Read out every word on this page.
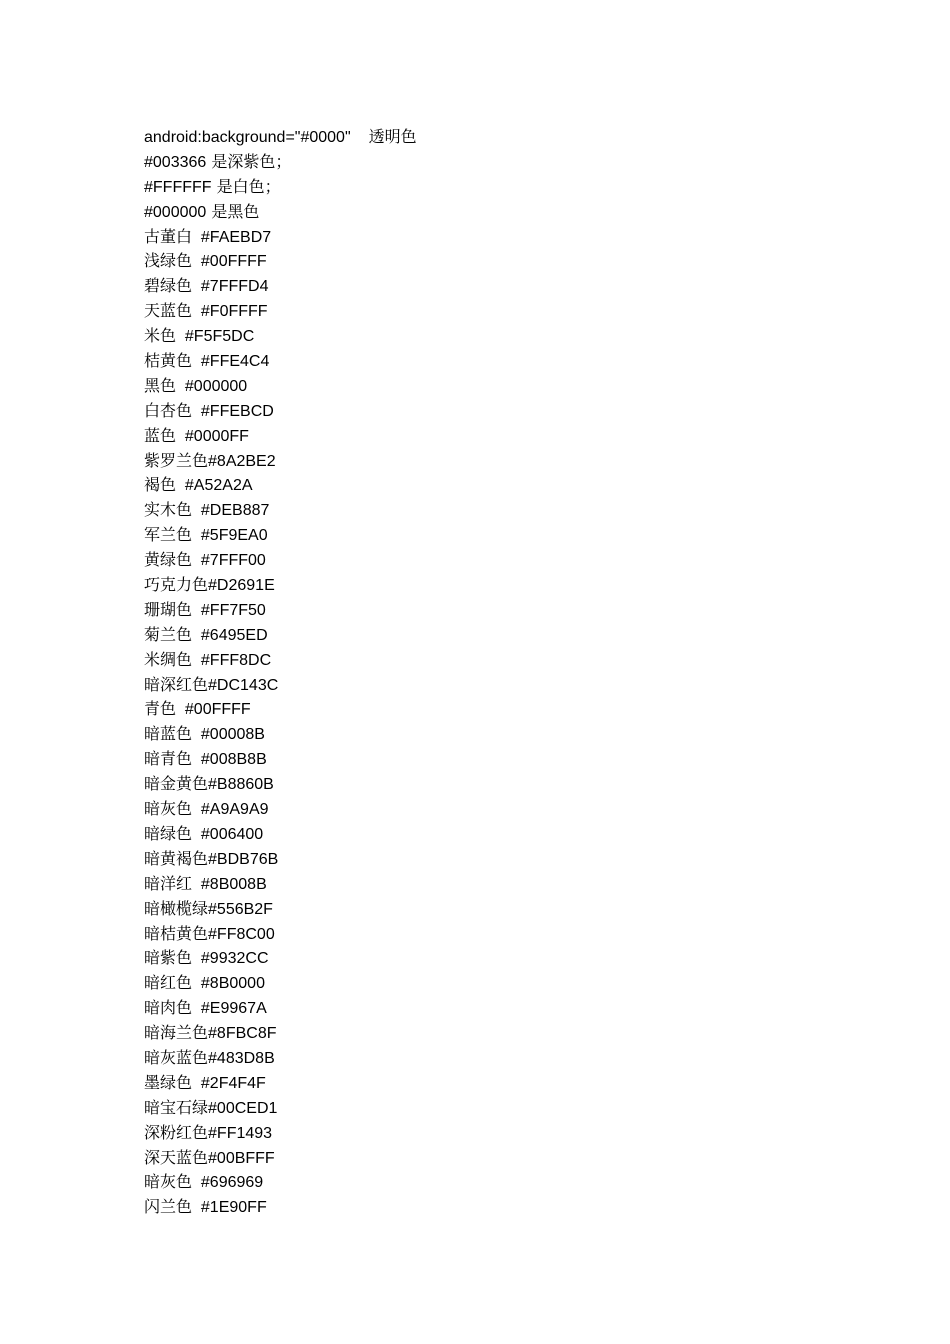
android:background="#0000" 透明色
#003366 是深紫色；
#FFFFFF 是白色；
#000000 是黑色
古董白 #FAEBD7
浅绿色 #00FFFF
碧绿色 #7FFFD4
天蓝色 #F0FFFF
米色 #F5F5DC
桔黄色 #FFE4C4
黑色 #000000
白杏色 #FFEBCD
蓝色 #0000FF
紫罗兰色#8A2BE2
褐色 #A52A2A
实木色 #DEB887
军兰色 #5F9EA0
黄绿色 #7FFF00
巧克力色#D2691E
珊瑚色 #FF7F50
菊兰色 #6495ED
米绸色 #FFF8DC
暗深红色#DC143C
青色 #00FFFF
暗蓝色 #00008B
暗青色 #008B8B
暗金黄色#B8860B
暗灰色 #A9A9A9
暗绿色 #006400
暗黄褐色#BDB76B
暗洋红 #8B008B
暗橄榄绿#556B2F
暗桔黄色#FF8C00
暗紫色 #9932CC
暗红色 #8B0000
暗肉色 #E9967A
暗海兰色#8FBC8F
暗灰蓝色#483D8B
墨绿色 #2F4F4F
暗宝石绿#00CED1
深粉红色#FF1493
深天蓝色#00BFFF
暗灰色 #696969
闪兰色 #1E90FF
